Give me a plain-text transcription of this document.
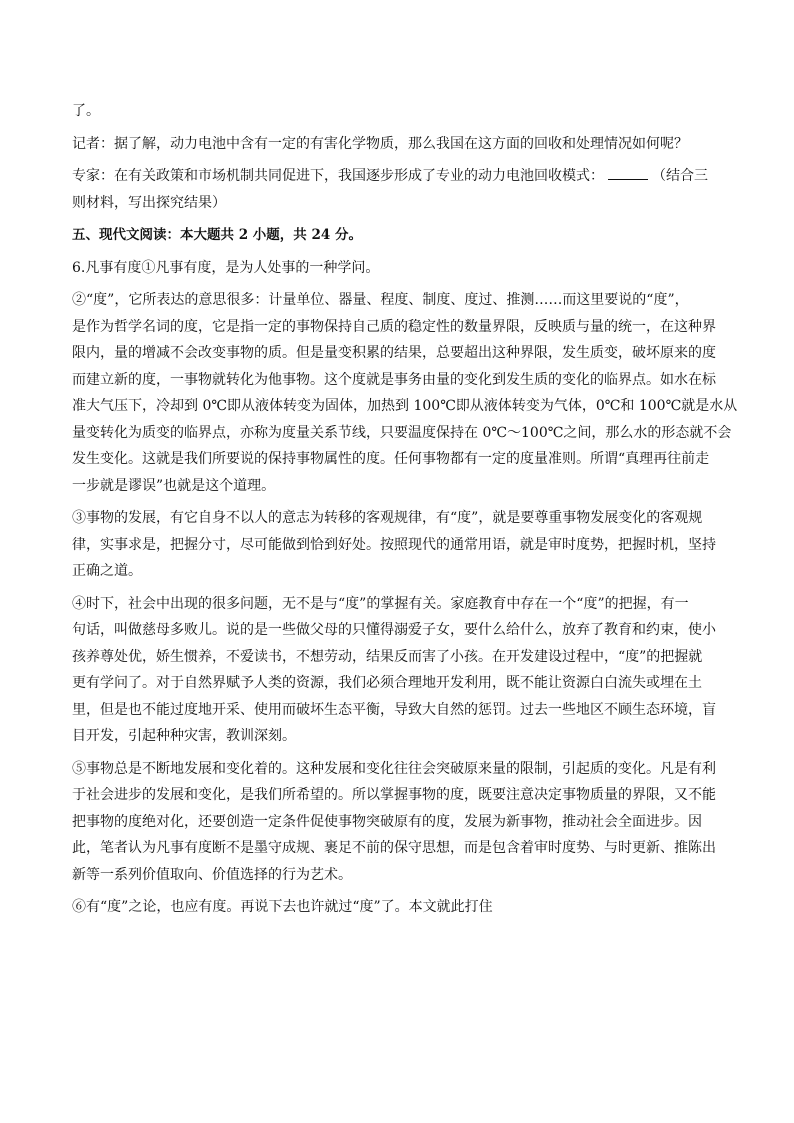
了。
记者：据了解，动力电池中含有一定的有害化学物质，那么我国在这方面的回收和处理情况如何呢？
专家：在有关政策和市场机制共同促进下，我国逐步形成了专业的动力电池回收模式：	（结合三
则材料，写出探究结果）
五、现代文阅读：本大题共 2 小题，共 24 分。
6.凡事有度①凡事有度，是为人处事的一种学问。
②“度”，它所表达的意思很多：计量单位、器量、程度、制度、度过、推测……而这里要说的“度”，
是作为哲学名词的度，它是指一定的事物保持自己质的稳定性的数量界限，反映质与量的统一，在这种界
限内，量的增减不会改变事物的质。但是量变积累的结果，总要超出这种界限，发生质变，破坏原来的度
而建立新的度，一事物就转化为他事物。这个度就是事务由量的变化到发生质的变化的临界点。如水在标
准大气压下，冷却到 0℃即从液体转变为固体，加热到 100℃即从液体转变为气体，0℃和 100℃就是水从
量变转化为质变的临界点，亦称为度量关系节线，只要温度保持在 0℃～100℃之间，那么水的形态就不会
发生变化。这就是我们所要说的保持事物属性的度。任何事物都有一定的度量准则。所谓“真理再往前走
一步就是谬误”也就是这个道理。
③事物的发展，有它自身不以人的意志为转移的客观规律，有“度”，就是要尊重事物发展变化的客观规
律，实事求是，把握分寸，尽可能做到恰到好处。按照现代的通常用语，就是审时度势，把握时机，坚持
正确之道。
④时下，社会中出现的很多问题，无不是与“度”的掌握有关。家庭教育中存在一个“度”的把握，有一
句话，叫做慈母多败儿。说的是一些做父母的只懂得溺爱子女，要什么给什么，放弃了教育和约束，使小
孩养尊处优，娇生惯养，不爱读书，不想劳动，结果反而害了小孩。在开发建设过程中，“度”的把握就
更有学问了。对于自然界赋予人类的资源，我们必须合理地开发利用，既不能让资源白白流失或埋在土
里，但是也不能过度地开采、使用而破坏生态平衡，导致大自然的惩罚。过去一些地区不顾生态环境，盲
目开发，引起种种灾害，教训深刻。
⑤事物总是不断地发展和变化着的。这种发展和变化往往会突破原来量的限制，引起质的变化。凡是有利
于社会进步的发展和变化，是我们所希望的。所以掌握事物的度，既要注意决定事物质量的界限，又不能
把事物的度绝对化，还要创造一定条件促使事物突破原有的度，发展为新事物，推动社会全面进步。因
此，笔者认为凡事有度断不是墨守成规、裹足不前的保守思想，而是包含着审时度势、与时更新、推陈出
新等一系列价值取向、价值选择的行为艺术。
⑥有“度”之论，也应有度。再说下去也许就过“度”了。本文就此打住
